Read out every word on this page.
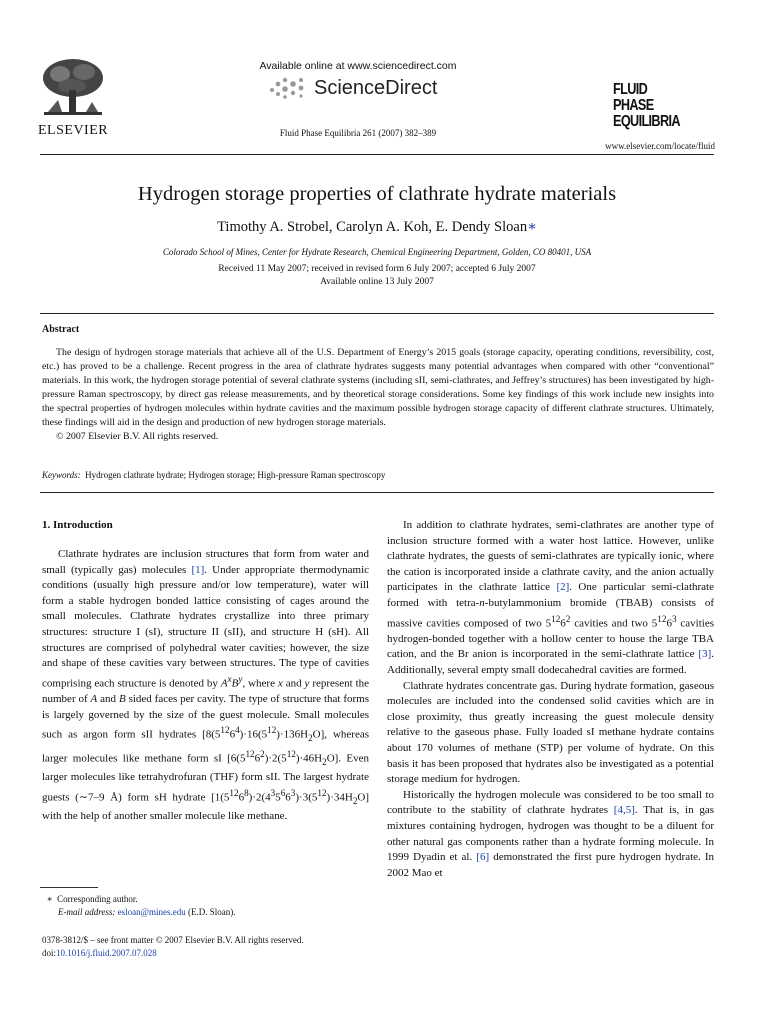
ELSEVIER
Available online at www.sciencedirect.com
ScienceDirect
Fluid Phase Equilibria 261 (2007) 382–389
FLUID PHASE
EQUILIBRIA
www.elsevier.com/locate/fluid
Hydrogen storage properties of clathrate hydrate materials
Timothy A. Strobel, Carolyn A. Koh, E. Dendy Sloan∗
Colorado School of Mines, Center for Hydrate Research, Chemical Engineering Department, Golden, CO 80401, USA
Received 11 May 2007; received in revised form 6 July 2007; accepted 6 July 2007
Available online 13 July 2007
Abstract

The design of hydrogen storage materials that achieve all of the U.S. Department of Energy’s 2015 goals (storage capacity, operating conditions, reversibility, cost, etc.) has proved to be a challenge. Recent progress in the area of clathrate hydrates suggests many potential advantages when compared with other “conventional” materials. In this work, the hydrogen storage potential of several clathrate systems (including sII, semi-clathrates, and Jeffrey’s structures) has been investigated by high-pressure Raman spectroscopy, by direct gas release measurements, and by theoretical storage considerations. Some key findings of this work include new insights into the spectral properties of hydrogen molecules within hydrate cavities and the maximum possible hydrogen storage capacity of different clathrate structures. Ultimately, these findings will aid in the design and production of new hydrogen storage materials.

© 2007 Elsevier B.V. All rights reserved.

Keywords: Hydrogen clathrate hydrate; Hydrogen storage; High-pressure Raman spectroscopy
1. Introduction

Clathrate hydrates are inclusion structures that form from water and small (typically gas) molecules [1]. Under appropriate thermodynamic conditions (usually high pressure and/or low temperature), water will form a stable hydrogen bonded lattice consisting of cages around the small molecules. Clathrate hydrates crystallize into three primary structures: structure I (sI), structure II (sII), and structure H (sH). All structures are comprised of polyhedral water cavities; however, the size and shape of these cavities vary between structures. The type of cavities comprising each structure is denoted by $A^xB^y$, where x and y represent the number of A and B sided faces per cavity. The type of structure that forms is largely governed by the size of the guest molecule. Small molecules such as argon form sII hydrates $[8(5^{12}6^4)\cdot 16(5^{12})\cdot 136H_2O]$, whereas larger molecules like methane form sI $[6(5^{12}6^2)\cdot 2(5^{12})\cdot 46H_2O]$. Even larger molecules like tetrahydrofuran (THF) form sII. The largest hydrate guests (∼7–9 Å) form sH hydrate $[1(5^{12}6^8)\cdot 2(4^35^66^3)\cdot 3(5^{12})\cdot 34H_2O]$ with the help of another smaller molecule like methane.

In addition to clathrate hydrates, semi-clathrates are another type of inclusion structure formed with a water host lattice. However, unlike clathrate hydrates, the guests of semi-clathrates are typically ionic, where the cation is incorporated inside a clathrate cavity, and the anion actually participates in the clathrate lattice [2]. One particular semi-clathrate formed with tetra-n-butylammonium bromide (TBAB) consists of massive cavities composed of two $5^{12}6^2$ cavities and two $5^{12}6^3$ cavities hydrogen-bonded together with a hollow center to house the large TBA cation, and the Br anion is incorporated in the semi-clathrate lattice [3]. Additionally, several empty small dodecahedral cavities are formed.

Clathrate hydrates concentrate gas. During hydrate formation, gaseous molecules are included into the condensed solid cavities which are in close proximity, thus greatly increasing the guest molecule density relative to the gaseous phase. Fully loaded sI methane hydrate contains about 170 volumes of methane (STP) per volume of hydrate. On this basis it has been proposed that hydrates also be investigated as a potential storage medium for hydrogen.

Historically the hydrogen molecule was considered to be too small to contribute to the stability of clathrate hydrates [4,5]. That is, in gas mixtures containing hydrogen, hydrogen was thought to be a diluent for other natural gas components rather than a hydrate forming molecule. In 1999 Dyadin et al. [6] demonstrated the first pure hydrogen hydrate. In 2002 Mao et

∗ Corresponding author.
E-mail address: esloan@mines.edu (E.D. Sloan).
0378-3812/$ – see front matter © 2007 Elsevier B.V. All rights reserved.
doi:10.1016/j.fluid.2007.07.028
